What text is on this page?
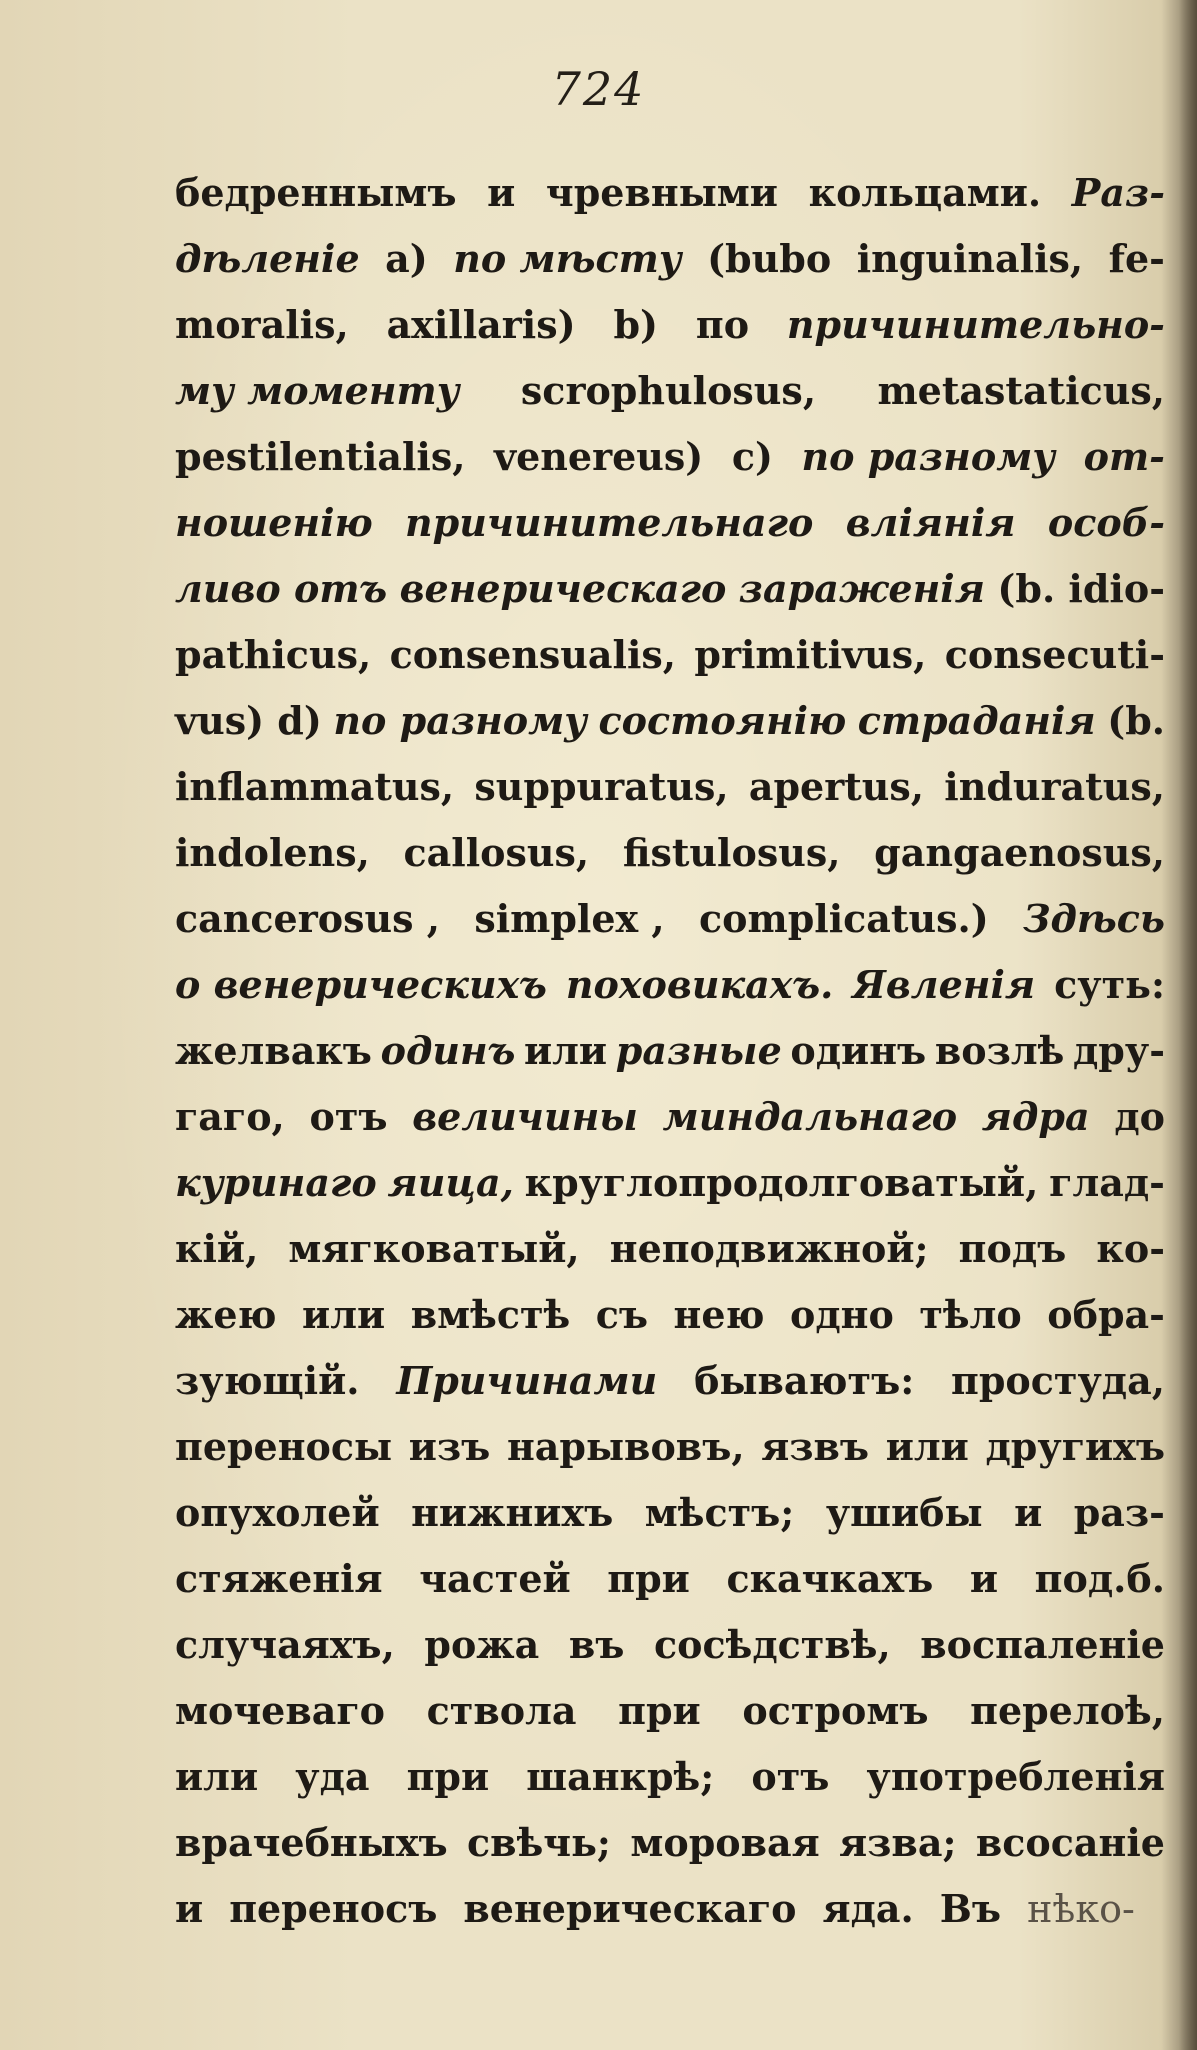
724
бедреннымъ и чревными кольцами. Раз-
дѣленіе a) по мѣсту (bubo inguinalis, fe-
moralis, axillaris) b) по причинительно-
му моменту scrophulosus, metastaticus,
pestilentialis, venereus) c) по разному от-
ношенію причинительнаго вліянія особ-
ливо отъ венерическаго зараженія (b. idio-
pathicus, consensualis, primitivus, consecuti-
vus) d) по разному состоянію страданія (b.
inflammatus, suppuratus, apertus, induratus,
indolens, callosus, fistulosus, gangaenosus,
cancerosus , simplex , complicatus.) Здѣсь
о венерическихъ поховикахъ. Явленія суть:
желвакъ одинъ или разные одинъ возлѣ дру-
гаго, отъ величины миндальнаго ядра до
куринаго яица, круглопродолговатый, глад-
кій, мягковатый, неподвижной; подъ ко-
жею или вмѣстѣ съ нею одно тѣло обра-
зующій. Причинами бываютъ: простуда,
переносы изъ нарывовъ, язвъ или другихъ
опухолей нижнихъ мѣстъ; ушибы и раз-
стяженія частей при скачкахъ и под.б.
случаяхъ, рожа въ сосѣдствѣ, воспаленіе
мочеваго ствола при остромъ перелоѣ,
или уда при шанкрѣ; отъ употребленія
врачебныхъ свѣчь; моровая язва; всосаніе
и переносъ венерическаго яда. Въ нѣко-
